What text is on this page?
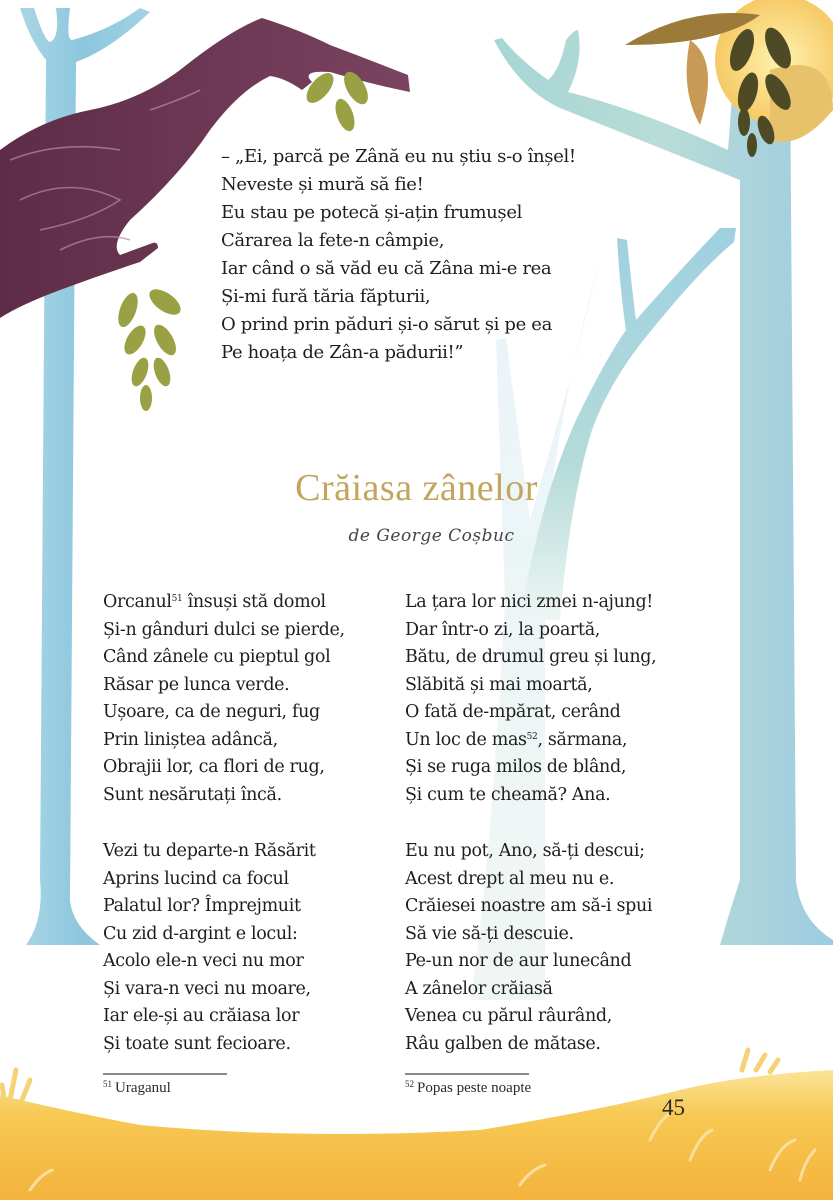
– „Ei, parcă pe Zână eu nu știu s-o înșel!
Neveste și mură să fie!
Eu stau pe potecă și-ațin frumușel
Cărarea la fete-n câmpie,
Iar când o să văd eu că Zâna mi-e rea
Și-mi fură tăria făpturii,
O prind prin păduri și-o sărut și pe ea
Pe hoața de Zân-a pădurii!”
Crăiasa zânelor
de George Coșbuc
Orcanul$^{51}$ însuși stă domol
Și-n gânduri dulci se pierde,
Când zânele cu pieptul gol
Răsar pe lunca verde.
Ușoare, ca de neguri, fug
Prin liniștea adâncă,
Obrajii lor, ca flori de rug,
Sunt nesărutați încă.
Vezi tu departe-n Răsărit
Aprins lucind ca focul
Palatul lor? Împrejmuit
Cu zid d-argint e locul:
Acolo ele-n veci nu mor
Și vara-n veci nu moare,
Iar ele-și au crăiasa lor
Și toate sunt fecioare.
La țara lor nici zmei n-ajung!
Dar într-o zi, la poartă,
Bătu, de drumul greu și lung,
Slăbită și mai moartă,
O fată de-mpărat, cerând
Un loc de mas$^{52}$, sărmana,
Și se ruga milos de blând,
Și cum te cheamă? Ana.
Eu nu pot, Ano, să-ți descui;
Acest drept al meu nu e.
Crăiesei noastre am să-i spui
Să vie să-ți descuie.
Pe-un nor de aur lunecând
A zânelor crăiasă
Venea cu părul râurând,
Râu galben de mătase.
$^{51}$ Uraganul	$^{52}$ Popas peste noapte
45
